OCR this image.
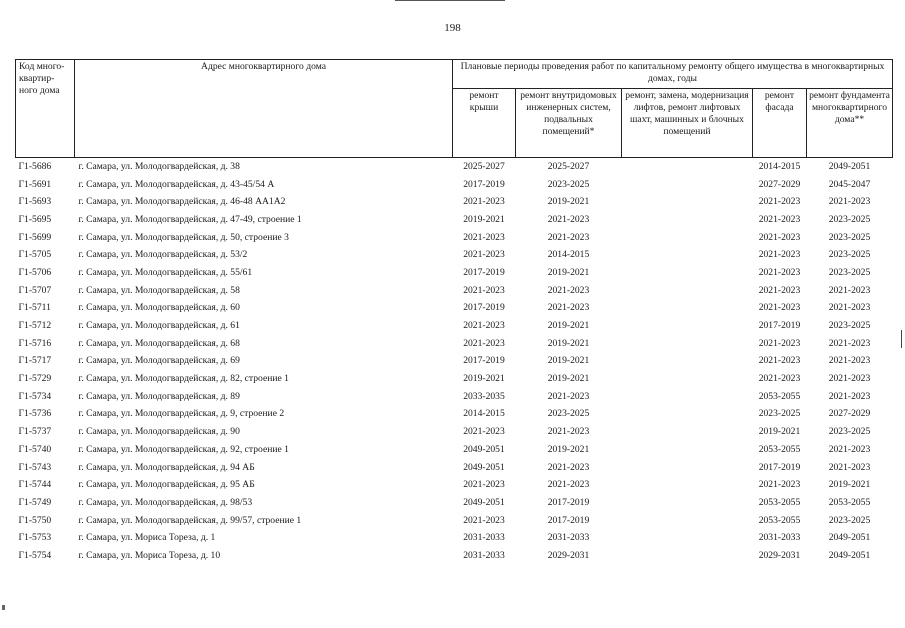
198
Код много-квартир-ного дома	Адрес многоквартирного дома	Плановые периоды проведения работ по капитальному ремонту общего имущества в многоквартирных домах, годы				
		ремонт крыши	ремонт внутридомовых инженерных систем, подвальных помещений*	ремонт, замена, модернизация лифтов, ремонт лифтовых шахт, машинных и блочных помещений	ремонт фасада	ремонт фундамента многоквартирного дома**
Г1-5686	г. Самара, ул. Молодогвардейская, д. 38	2025-2027	2025-2027		2014-2015	2049-2051
Г1-5691	г. Самара, ул. Молодогвардейская, д. 43-45/54 А	2017-2019	2023-2025		2027-2029	2045-2047
Г1-5693	г. Самара, ул. Молодогвардейская, д. 46-48 АА1А2	2021-2023	2019-2021		2021-2023	2021-2023
Г1-5695	г. Самара, ул. Молодогвардейская, д. 47-49, строение 1	2019-2021	2021-2023		2021-2023	2023-2025
Г1-5699	г. Самара, ул. Молодогвардейская, д. 50, строение 3	2021-2023	2021-2023		2021-2023	2023-2025
Г1-5705	г. Самара, ул. Молодогвардейская, д. 53/2	2021-2023	2014-2015		2021-2023	2023-2025
Г1-5706	г. Самара, ул. Молодогвардейская, д. 55/61	2017-2019	2019-2021		2021-2023	2023-2025
Г1-5707	г. Самара, ул. Молодогвардейская, д. 58	2021-2023	2021-2023		2021-2023	2021-2023
Г1-5711	г. Самара, ул. Молодогвардейская, д. 60	2017-2019	2021-2023		2021-2023	2021-2023
Г1-5712	г. Самара, ул. Молодогвардейская, д. 61	2021-2023	2019-2021		2017-2019	2023-2025
Г1-5716	г. Самара, ул. Молодогвардейская, д. 68	2021-2023	2019-2021		2021-2023	2021-2023
Г1-5717	г. Самара, ул. Молодогвардейская, д. 69	2017-2019	2019-2021		2021-2023	2021-2023
Г1-5729	г. Самара, ул. Молодогвардейская, д. 82, строение 1	2019-2021	2019-2021		2021-2023	2021-2023
Г1-5734	г. Самара, ул. Молодогвардейская, д. 89	2033-2035	2021-2023		2053-2055	2021-2023
Г1-5736	г. Самара, ул. Молодогвардейская, д. 9, строение 2	2014-2015	2023-2025		2023-2025	2027-2029
Г1-5737	г. Самара, ул. Молодогвардейская, д. 90	2021-2023	2021-2023		2019-2021	2023-2025
Г1-5740	г. Самара, ул. Молодогвардейская, д. 92, строение 1	2049-2051	2019-2021		2053-2055	2021-2023
Г1-5743	г. Самара, ул. Молодогвардейская, д. 94 АБ	2049-2051	2021-2023		2017-2019	2021-2023
Г1-5744	г. Самара, ул. Молодогвардейская, д. 95 АБ	2021-2023	2021-2023		2021-2023	2019-2021
Г1-5749	г. Самара, ул. Молодогвардейская, д. 98/53	2049-2051	2017-2019		2053-2055	2053-2055
Г1-5750	г. Самара, ул. Молодогвардейская, д. 99/57, строение 1	2021-2023	2017-2019		2053-2055	2023-2025
Г1-5753	г. Самара, ул. Мориса Тореза, д. 1	2031-2033	2031-2033		2031-2033	2049-2051
Г1-5754	г. Самара, ул. Мориса Тореза, д. 10	2031-2033	2029-2031		2029-2031	2049-2051
